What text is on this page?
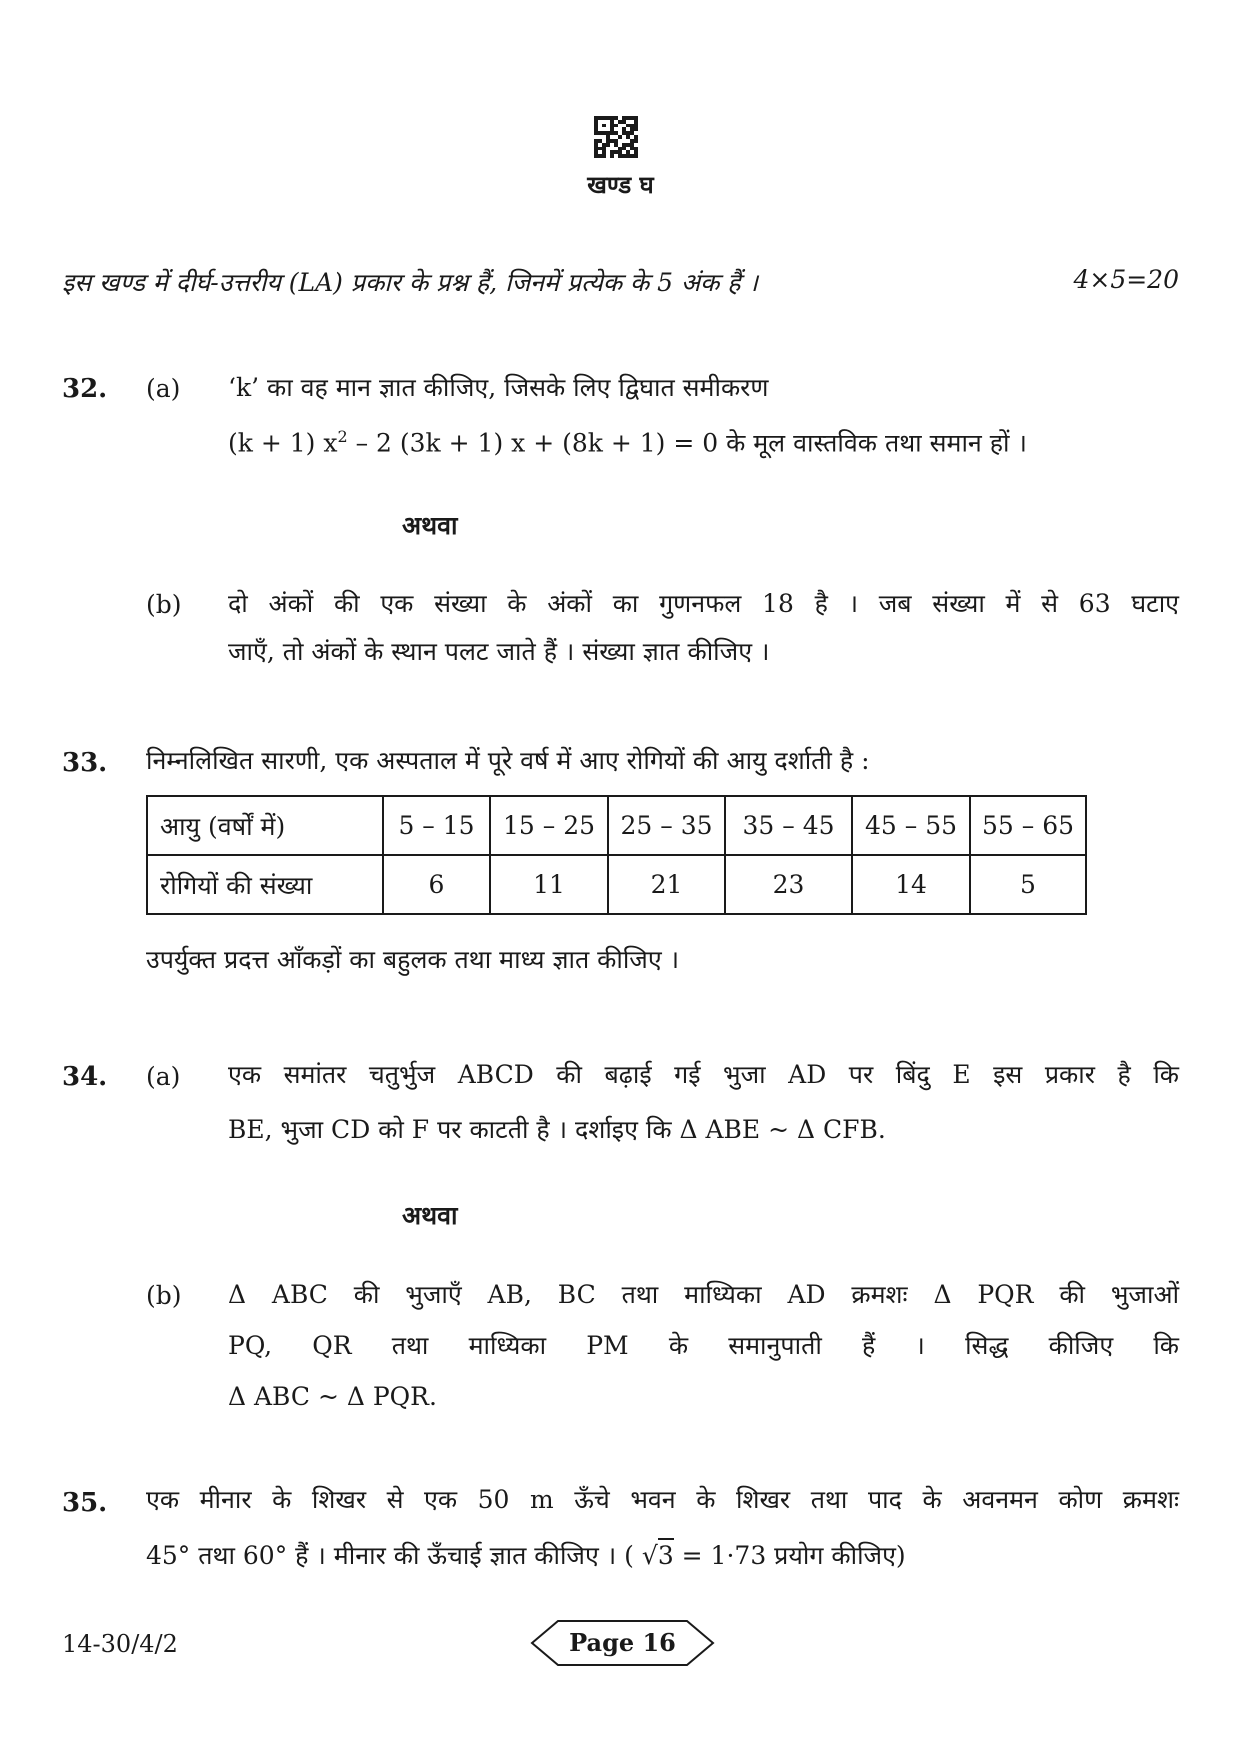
खण्ड घ
इस खण्ड में दीर्घ-उत्तरीय (LA) प्रकार के प्रश्न हैं, जिनमें प्रत्येक के 5 अंक हैं ।	4×5=20
32. (a) ‘k’ का वह मान ज्ञात कीजिए, जिसके लिए द्विघात समीकरण
(k + 1) $x^2 - 2$ (3k + 1) x + (8k + 1) = 0 के मूल वास्तविक तथा समान हों ।
अथवा
(b) दो अंकों की एक संख्या के अंकों का गुणनफल 18 है । जब संख्या में से 63 घटाए
जाएँ, तो अंकों के स्थान पलट जाते हैं । संख्या ज्ञात कीजिए ।
33. निम्नलिखित सारणी, एक अस्पताल में पूरे वर्ष में आए रोगियों की आयु दर्शाती है :
आयु (वर्षों में)	5 – 15	15 – 25	25 – 35	35 – 45	45 – 55	55 – 65
रोगियों की संख्या	6	11	21	23	14	5
उपर्युक्त प्रदत्त आँकड़ों का बहुलक तथा माध्य ज्ञात कीजिए ।
34. (a) एक समांतर चतुर्भुज ABCD की बढ़ाई गई भुजा AD पर बिंदु E इस प्रकार है कि
BE, भुजा CD को F पर काटती है । दर्शाइए कि Δ ABE ~ Δ CFB.
अथवा
(b) Δ ABC की भुजाएँ AB, BC तथा माध्यिका AD क्रमशः Δ PQR की भुजाओं
PQ, QR तथा माध्यिका PM के समानुपाती हैं । सिद्ध कीजिए कि
Δ ABC ~ Δ PQR.
35. एक मीनार के शिखर से एक 50 m ऊँचे भवन के शिखर तथा पाद के अवनमन कोण क्रमशः
45° तथा 60° हैं । मीनार की ऊँचाई ज्ञात कीजिए । ( √3 = 1·73 प्रयोग कीजिए)
14-30/4/2	Page 16
